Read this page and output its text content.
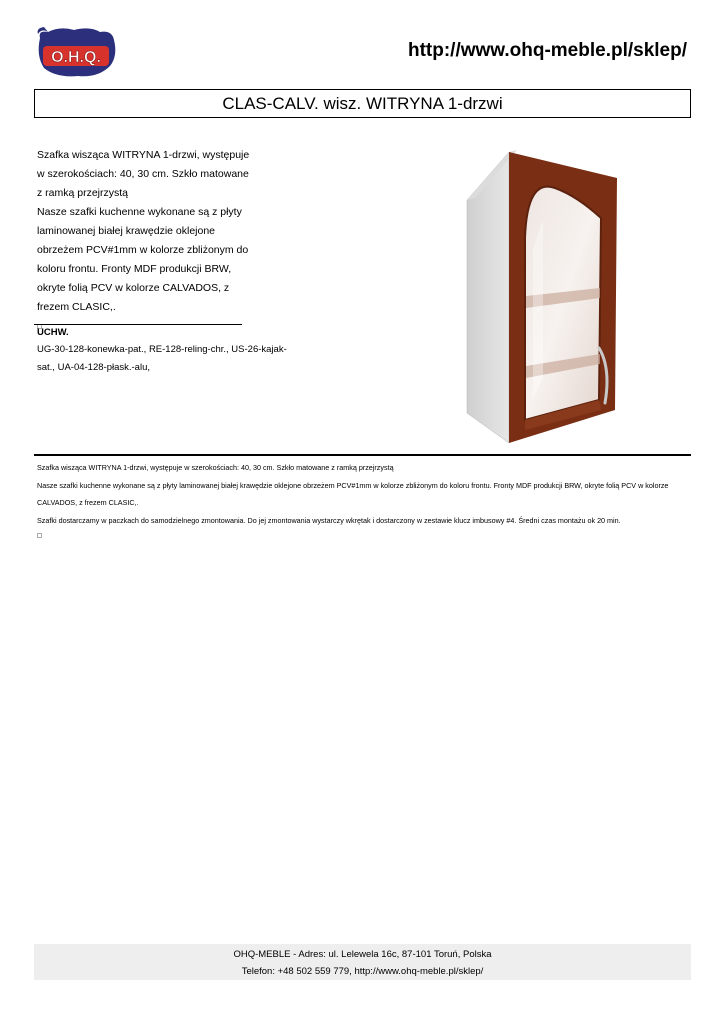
O.H.Q.	http://www.ohq-meble.pl/sklep/
CLAS-CALV. wisz. WITRYNA 1-drzwi

Szafka wisząca WITRYNA 1-drzwi, występuje w szerokościach: 40, 30 cm. Szkło matowane z ramką przejrzystą

Nasze szafki kuchenne wykonane są z płyty laminowanej białej krawędzie oklejone obrzeżem PCV#1mm w kolorze zbliżonym do koloru frontu. Fronty MDF produkcji BRW, okryte folią PCV w kolorze CALVADOS, z frezem CLASIC,.

UCHW.
UG-30-128-konewka-pat., RE-128-reling-chr., US-26-kajak-sat., UA-04-128-płask.-alu,

Szafka wisząca WITRYNA 1-drzwi, występuje w szerokościach: 40, 30 cm. Szkło matowane z ramką przejrzystą

Nasze szafki kuchenne wykonane są z płyty laminowanej białej krawędzie oklejone obrzeżem PCV#1mm w kolorze zbliżonym do koloru frontu. Fronty MDF produkcji BRW, okryte folią PCV w kolorze CALVADOS, z frezem CLASIC,.

Szafki dostarczamy w paczkach do samodzielnego zmontowania. Do jej zmontowania wystarczy wkrętak i dostarczony w zestawie klucz imbusowy #4. Średni czas montażu ok 20 min.

OHQ-MEBLE - Adres: ul. Lelewela 16c, 87-101 Toruń, Polska
Telefon: +48 502 559 779, http://www.ohq-meble.pl/sklep/
